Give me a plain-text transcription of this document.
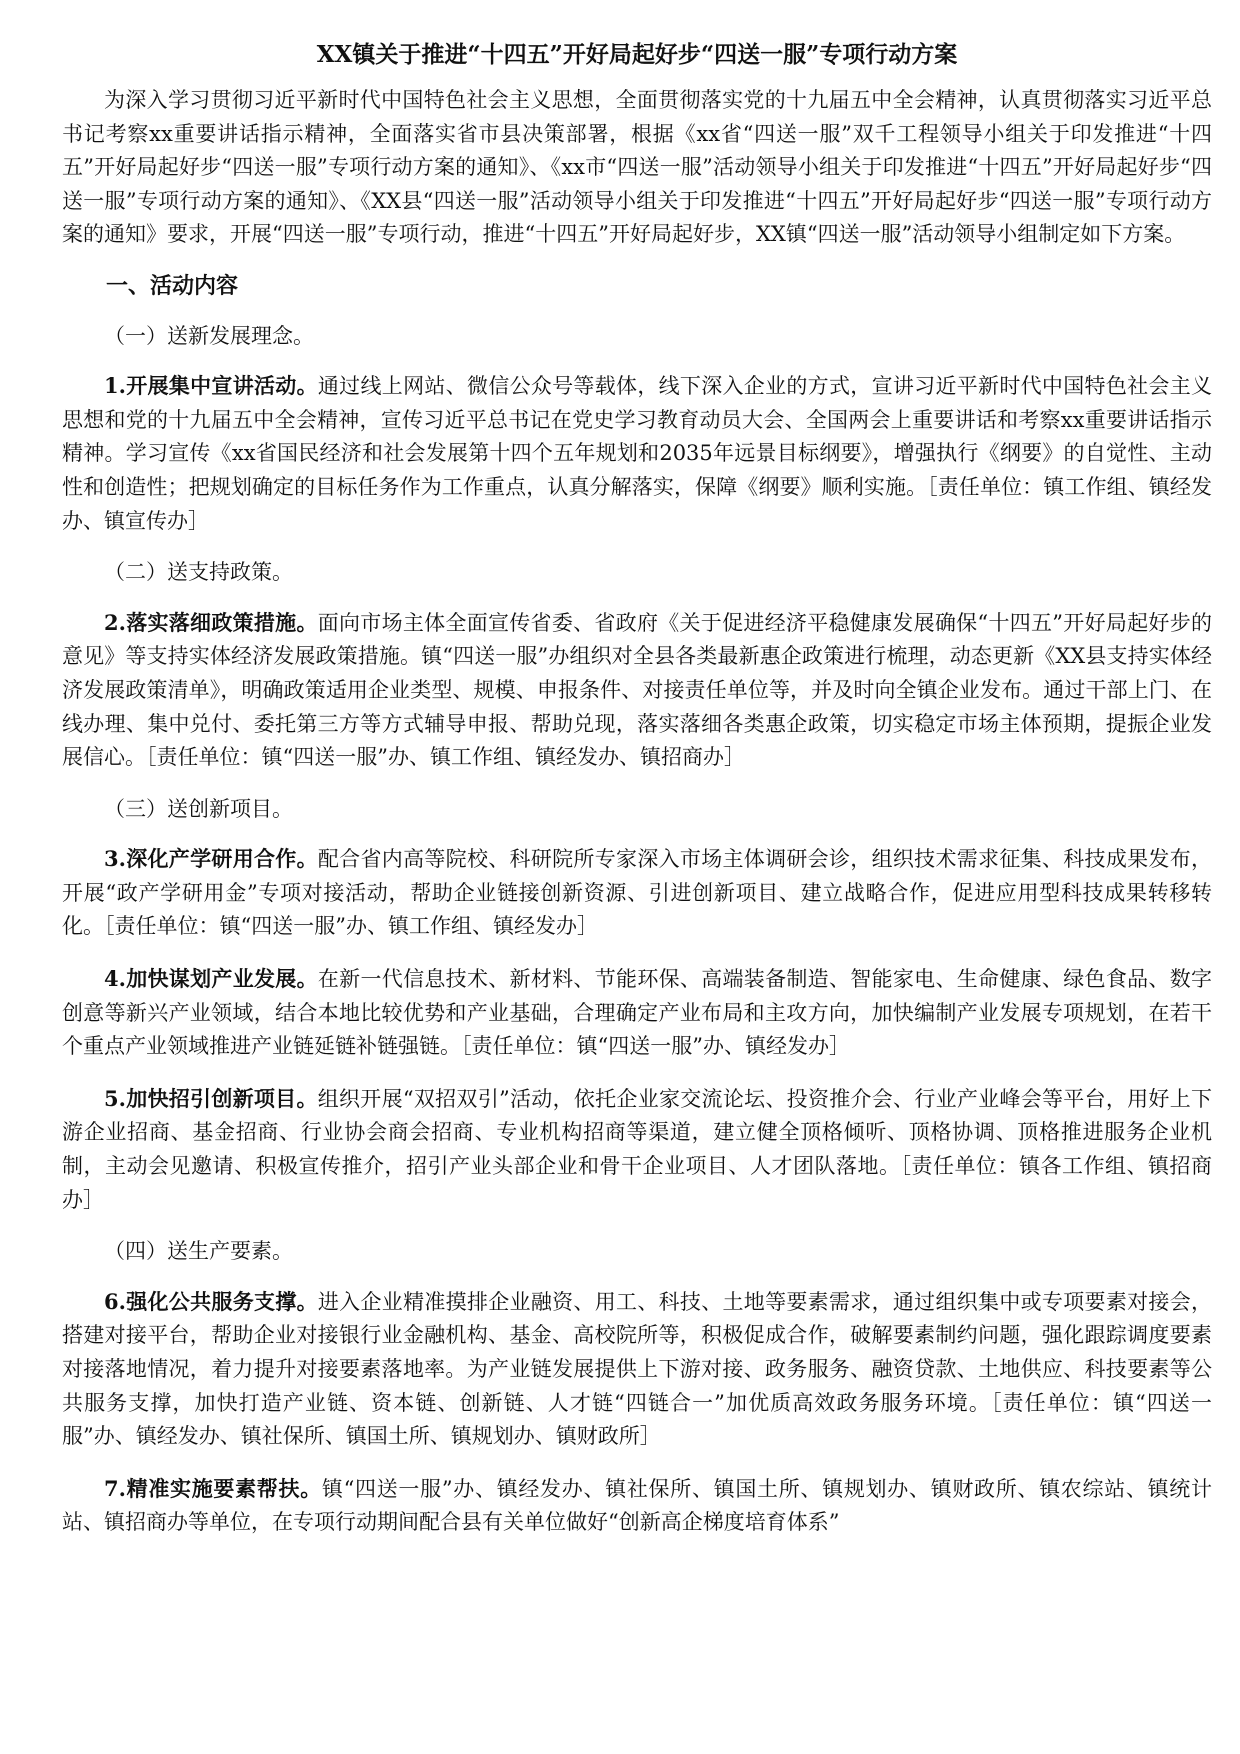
XX镇关于推进“十四五”开好局起好步“四送一服”专项行动方案

为深入学习贯彻习近平新时代中国特色社会主义思想，全面贯彻落实党的十九届五中全会精神，认真贯彻落实习近平总书记考察xx重要讲话指示精神，全面落实省市县决策部署，根据《xx省“四送一服”双千工程领导小组关于印发推进“十四五”开好局起好步“四送一服”专项行动方案的通知》、《xx市“四送一服”活动领导小组关于印发推进“十四五”开好局起好步“四送一服”专项行动方案的通知》、《XX县“四送一服”活动领导小组关于印发推进“十四五”开好局起好步“四送一服”专项行动方案的通知》要求，开展“四送一服”专项行动，推进“十四五”开好局起好步，XX镇“四送一服”活动领导小组制定如下方案。

一、活动内容
（一）送新发展理念。

1.开展集中宣讲活动。通过线上网站、微信公众号等载体，线下深入企业的方式，宣讲习近平新时代中国特色社会主义思想和党的十九届五中全会精神，宣传习近平总书记在党史学习教育动员大会、全国两会上重要讲话和考察xx重要讲话指示精神。学习宣传《xx省国民经济和社会发展第十四个五年规划和2035年远景目标纲要》，增强执行《纲要》的自觉性、主动性和创造性；把规划确定的目标任务作为工作重点，认真分解落实，保障《纲要》顺利实施。［责任单位：镇工作组、镇经发办、镇宣传办］

（二）送支持政策。

2.落实落细政策措施。面向市场主体全面宣传省委、省政府《关于促进经济平稳健康发展确保“十四五”开好局起好步的意见》等支持实体经济发展政策措施。镇“四送一服”办组织对全县各类最新惠企政策进行梳理，动态更新《XX县支持实体经济发展政策清单》，明确政策适用企业类型、规模、申报条件、对接责任单位等，并及时向全镇企业发布。通过干部上门、在线办理、集中兑付、委托第三方等方式辅导申报、帮助兑现，落实落细各类惠企政策，切实稳定市场主体预期，提振企业发展信心。［责任单位：镇“四送一服”办、镇工作组、镇经发办、镇招商办］

（三）送创新项目。

3.深化产学研用合作。配合省内高等院校、科研院所专家深入市场主体调研会诊，组织技术需求征集、科技成果发布，开展“政产学研用金”专项对接活动，帮助企业链接创新资源、引进创新项目、建立战略合作，促进应用型科技成果转移转化。［责任单位：镇“四送一服”办、镇工作组、镇经发办］

4.加快谋划产业发展。在新一代信息技术、新材料、节能环保、高端装备制造、智能家电、生命健康、绿色食品、数字创意等新兴产业领域，结合本地比较优势和产业基础，合理确定产业布局和主攻方向，加快编制产业发展专项规划，在若干个重点产业领域推进产业链延链补链强链。［责任单位：镇“四送一服”办、镇经发办］

5.加快招引创新项目。组织开展“双招双引”活动，依托企业家交流论坛、投资推介会、行业产业峰会等平台，用好上下游企业招商、基金招商、行业协会商会招商、专业机构招商等渠道，建立健全顶格倾听、顶格协调、顶格推进服务企业机制，主动会见邀请、积极宣传推介，招引产业头部企业和骨干企业项目、人才团队落地。［责任单位：镇各工作组、镇招商办］

（四）送生产要素。

6.强化公共服务支撑。进入企业精准摸排企业融资、用工、科技、土地等要素需求，通过组织集中或专项要素对接会，搭建对接平台，帮助企业对接银行业金融机构、基金、高校院所等，积极促成合作，破解要素制约问题，强化跟踪调度要素对接落地情况，着力提升对接要素落地率。为产业链发展提供上下游对接、政务服务、融资贷款、土地供应、科技要素等公共服务支撑，加快打造产业链、资本链、创新链、人才链“四链合一”加优质高效政务服务环境。［责任单位：镇“四送一服”办、镇经发办、镇社保所、镇国土所、镇规划办、镇财政所］

7.精准实施要素帮扶。镇“四送一服”办、镇经发办、镇社保所、镇国土所、镇规划办、镇财政所、镇农综站、镇统计站、镇招商办等单位，在专项行动期间配合县有关单位做好“创新高企梯度培育体系”
